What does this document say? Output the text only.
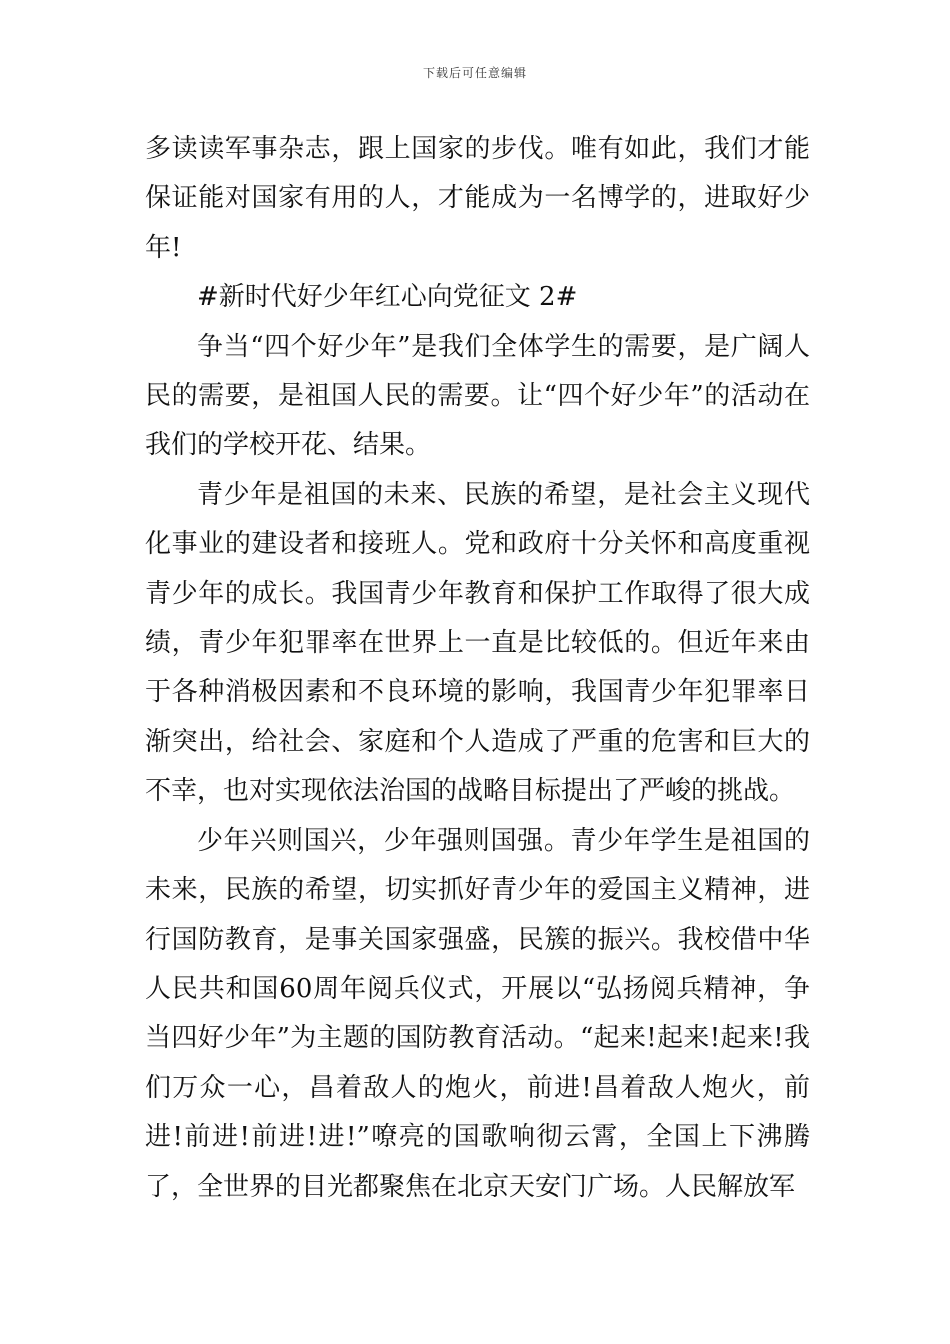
下载后可任意编辑

多读读军事杂志，跟上国家的步伐。唯有如此，我们才能保证能对国家有用的人，才能成为一名博学的，进取好少年!

#新时代好少年红心向党征文 2#

争当“四个好少年”是我们全体学生的需要，是广阔人民的需要，是祖国人民的需要。让“四个好少年”的活动在我们的学校开花、结果。

青少年是祖国的未来、民族的希望，是社会主义现代化事业的建设者和接班人。党和政府十分关怀和高度重视青少年的成长。我国青少年教育和保护工作取得了很大成绩，青少年犯罪率在世界上一直是比较低的。但近年来由于各种消极因素和不良环境的影响，我国青少年犯罪率日渐突出，给社会、家庭和个人造成了严重的危害和巨大的不幸，也对实现依法治国的战略目标提出了严峻的挑战。

少年兴则国兴，少年强则国强。青少年学生是祖国的未来，民族的希望，切实抓好青少年的爱国主义精神，进行国防教育，是事关国家强盛，民簇的振兴。我校借中华人民共和国60周年阅兵仪式，开展以“弘扬阅兵精神，争当四好少年”为主题的国防教育活动。“起来!起来!起来!我们万众一心，昌着敌人的炮火，前进!昌着敌人炮火，前进!前进!前进!进!”嘹亮的国歌响彻云霄，全国上下沸腾了，全世界的目光都聚焦在北京天安门广场。人民解放军
